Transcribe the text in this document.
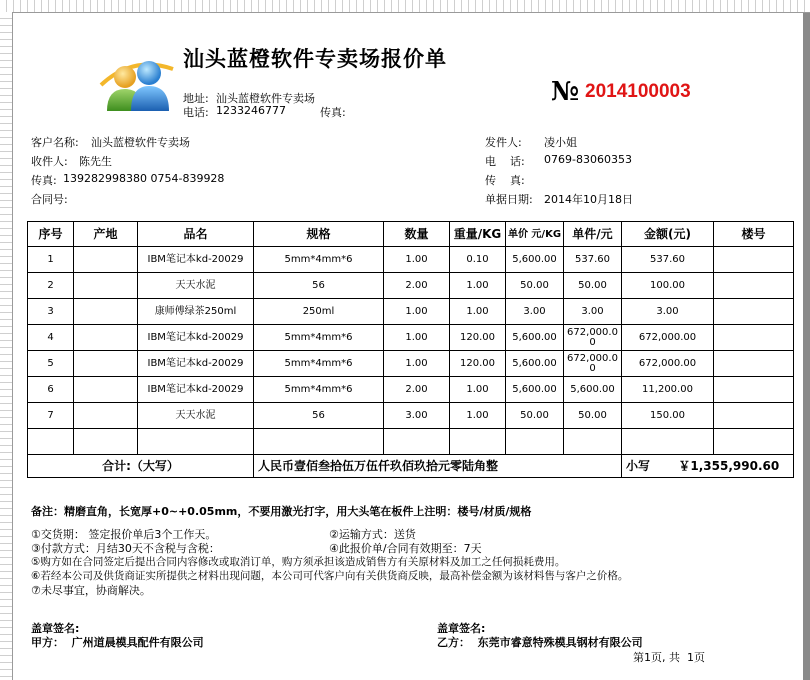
汕头蓝橙软件专卖场报价单
№ 2014100003
地址: 汕头蓝橙软件专卖场
电话: 1233246777	传真:
客户名称: 汕头蓝橙软件专卖场
收件人: 陈先生
传真: 139282998380 0754-839928
合同号:
发件人: 凌小姐
电    话: 0769-83060353
传    真:
单据日期: 2014年10月18日
序号	产地	品名	规格	数量	重量/KG	单价 元/KG	单件/元	金额(元)	楼号
1		IBM笔记本kd-20029	5mm*4mm*6	1.00	0.10	5,600.00	537.60	537.60	
2		天天水泥	56	2.00	1.00	50.00	50.00	100.00	
3		康师傅绿茶250ml	250ml	1.00	1.00	3.00	3.00	3.00	
4		IBM笔记本kd-20029	5mm*4mm*6	1.00	120.00	5,600.00	672,000.00	672,000.00	
5		IBM笔记本kd-20029	5mm*4mm*6	1.00	120.00	5,600.00	672,000.00	672,000.00	
6		IBM笔记本kd-20029	5mm*4mm*6	2.00	1.00	5,600.00	5,600.00	11,200.00	
7		天天水泥	56	3.00	1.00	50.00	50.00	150.00	

合计:（大写）			人民币壹佰叁拾伍万伍仟玖佰玖拾元零陆角整					小写 ￥1,355,990.60	
备注：精磨直角，长宽厚+0~+0.05mm，不要用激光打字，用大头笔在板件上注明：楼号/材质/规格
①交货期： 签定报价单后3个工作天。	②运输方式：送货
③付款方式：月结30天不含税与含税：	④此报价单/合同有效期至：7天
⑤购方如在合同签定后提出合同内容修改或取消订单，购方须承担该造成销售方有关原材料及加工之任何损耗费用。
⑥若经本公司及供货商证实所提供之材料出现问题，本公司可代客户向有关供货商反映，最高补偿金额为该材料售与客户之价格。
⑦未尽事宜，协商解决。
盖章签名:
甲方：  广州道晨模具配件有限公司
盖章签名:
乙方：  东莞市睿意特殊模具钢材有限公司
第1页, 共  1页
